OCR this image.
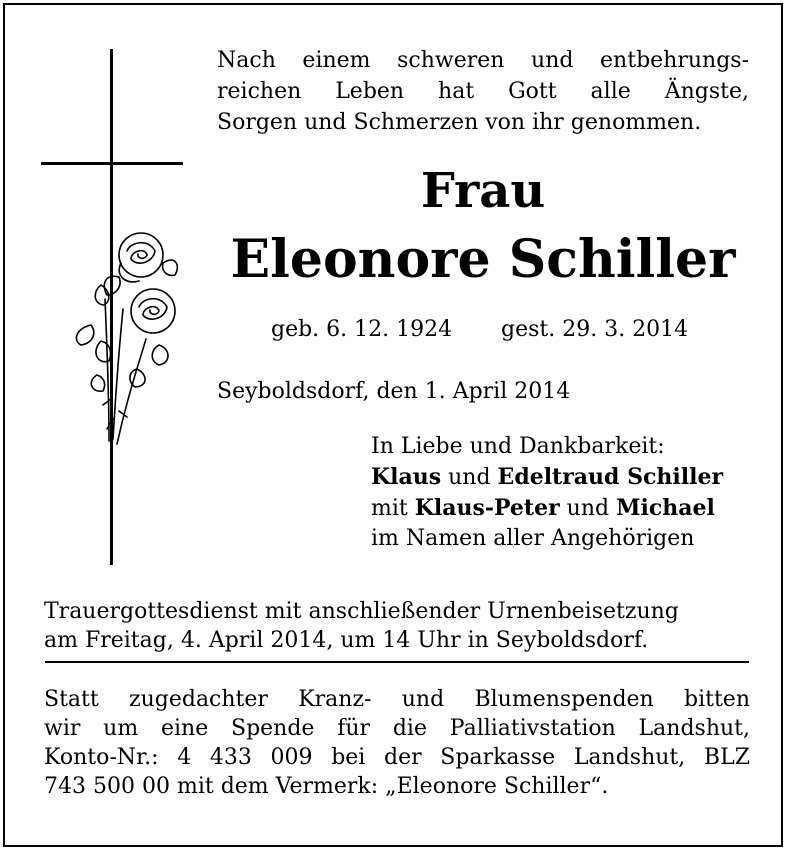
Nach einem schweren und entbehrungs-
reichen Leben hat Gott alle Ängste,
Sorgen und Schmerzen von ihr genommen.
Frau
Eleonore Schiller
geb. 6. 12. 1924 gest. 29. 3. 2014
Seyboldsdorf, den 1. April 2014
In Liebe und Dankbarkeit:
Klaus und Edeltraud Schiller
mit Klaus-Peter und Michael
im Namen aller Angehörigen
Trauergottesdienst mit anschließender Urnenbeisetzung
am Freitag, 4. April 2014, um 14 Uhr in Seyboldsdorf.
Statt zugedachter Kranz- und Blumenspenden bitten
wir um eine Spende für die Palliativstation Landshut,
Konto-Nr.: 4 433 009 bei der Sparkasse Landshut, BLZ
743 500 00 mit dem Vermerk: „Eleonore Schiller“.
